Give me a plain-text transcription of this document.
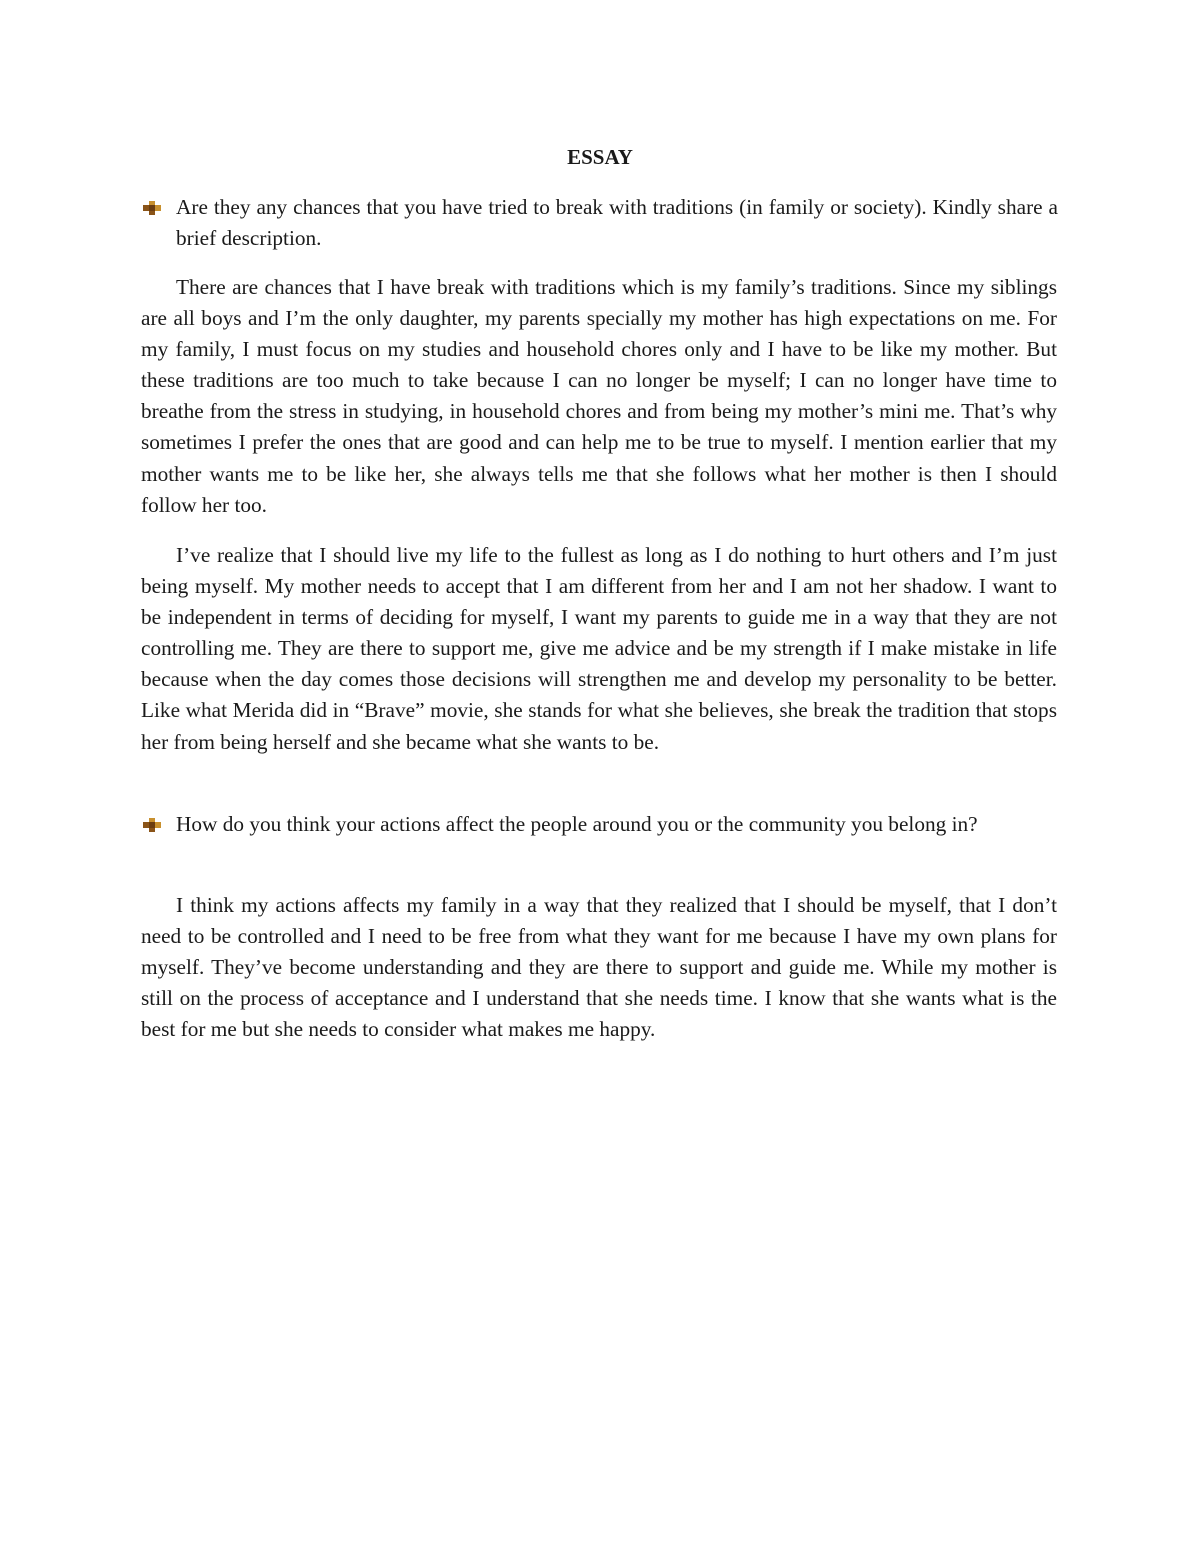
ESSAY
Are they any chances that you have tried to break with traditions (in family or society). Kindly share a brief description.

There are chances that I have break with traditions which is my family’s traditions. Since my siblings are all boys and I’m the only daughter, my parents specially my mother has high expectations on me. For my family, I must focus on my studies and household chores only and I have to be like my mother. But these traditions are too much to take because I can no longer be myself; I can no longer have time to breathe from the stress in studying, in household chores and from being my mother’s mini me. That’s why sometimes I prefer the ones that are good and can help me to be true to myself. I mention earlier that my mother wants me to be like her, she always tells me that she follows what her mother is then I should follow her too.

I’ve realize that I should live my life to the fullest as long as I do nothing to hurt others and I’m just being myself. My mother needs to accept that I am different from her and I am not her shadow. I want to be independent in terms of deciding for myself, I want my parents to guide me in a way that they are not controlling me. They are there to support me, give me advice and be my strength if I make mistake in life because when the day comes those decisions will strengthen me and develop my personality to be better. Like what Merida did in “Brave” movie, she stands for what she believes, she break the tradition that stops her from being herself and she became what she wants to be.

How do you think your actions affect the people around you or the community you belong in?

I think my actions affects my family in a way that they realized that I should be myself, that I don’t need to be controlled and I need to be free from what they want for me because I have my own plans for myself. They’ve become understanding and they are there to support and guide me. While my mother is still on the process of acceptance and I understand that she needs time. I know that she wants what is the best for me but she needs to consider what makes me happy.
